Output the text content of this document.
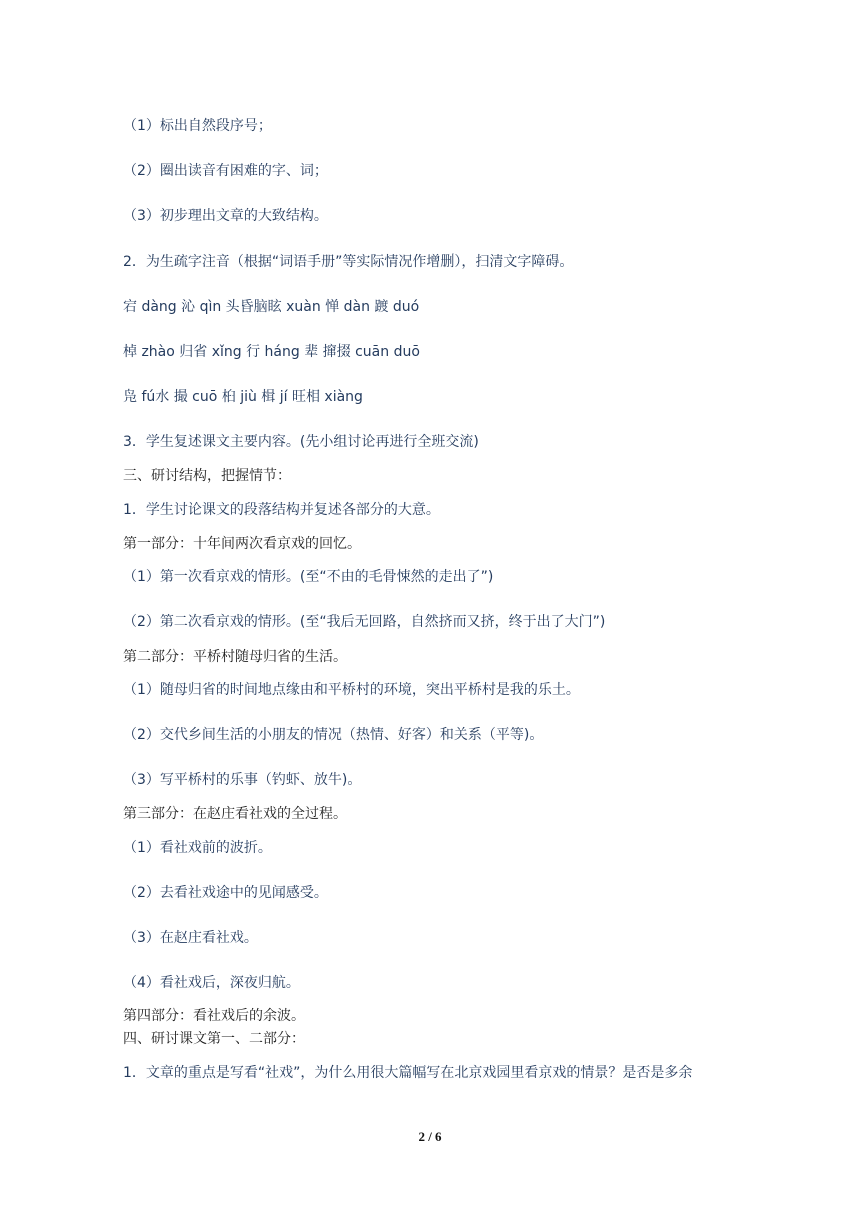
（1）标出自然段序号；
（2）圈出读音有困难的字、词；
（3）初步理出文章的大致结构。
2．为生疏字注音（根据“词语手册”等实际情况作增删），扫清文字障碍。
宕 dàng 沁 qìn 头昏脑眩 xuàn 惮 dàn 踱 duó
棹 zhào 归省 xǐng 行 háng 辈 撺掇 cuān duō
凫 fú水 撮 cuō 桕 jiù 楫 jí 旺相 xiàng
3．学生复述课文主要内容。(先小组讨论再进行全班交流)
三、研讨结构，把握情节：
1．学生讨论课文的段落结构并复述各部分的大意。
第一部分：十年间两次看京戏的回忆。
（1）第一次看京戏的情形。(至“不由的毛骨悚然的走出了”)
（2）第二次看京戏的情形。(至“我后无回路，自然挤而又挤，终于出了大门”)
第二部分：平桥村随母归省的生活。
（1）随母归省的时间地点缘由和平桥村的环境，突出平桥村是我的乐土。
（2）交代乡间生活的小朋友的情况（热情、好客）和关系（平等)。
（3）写平桥村的乐事（钓虾、放牛)。
第三部分：在赵庄看社戏的全过程。
（1）看社戏前的波折。
（2）去看社戏途中的见闻感受。
（3）在赵庄看社戏。
（4）看社戏后，深夜归航。
第四部分：看社戏后的余波。
四、研讨课文第一、二部分：
1．文章的重点是写看“社戏”，为什么用很大篇幅写在北京戏园里看京戏的情景？是否是多余
2 / 6
